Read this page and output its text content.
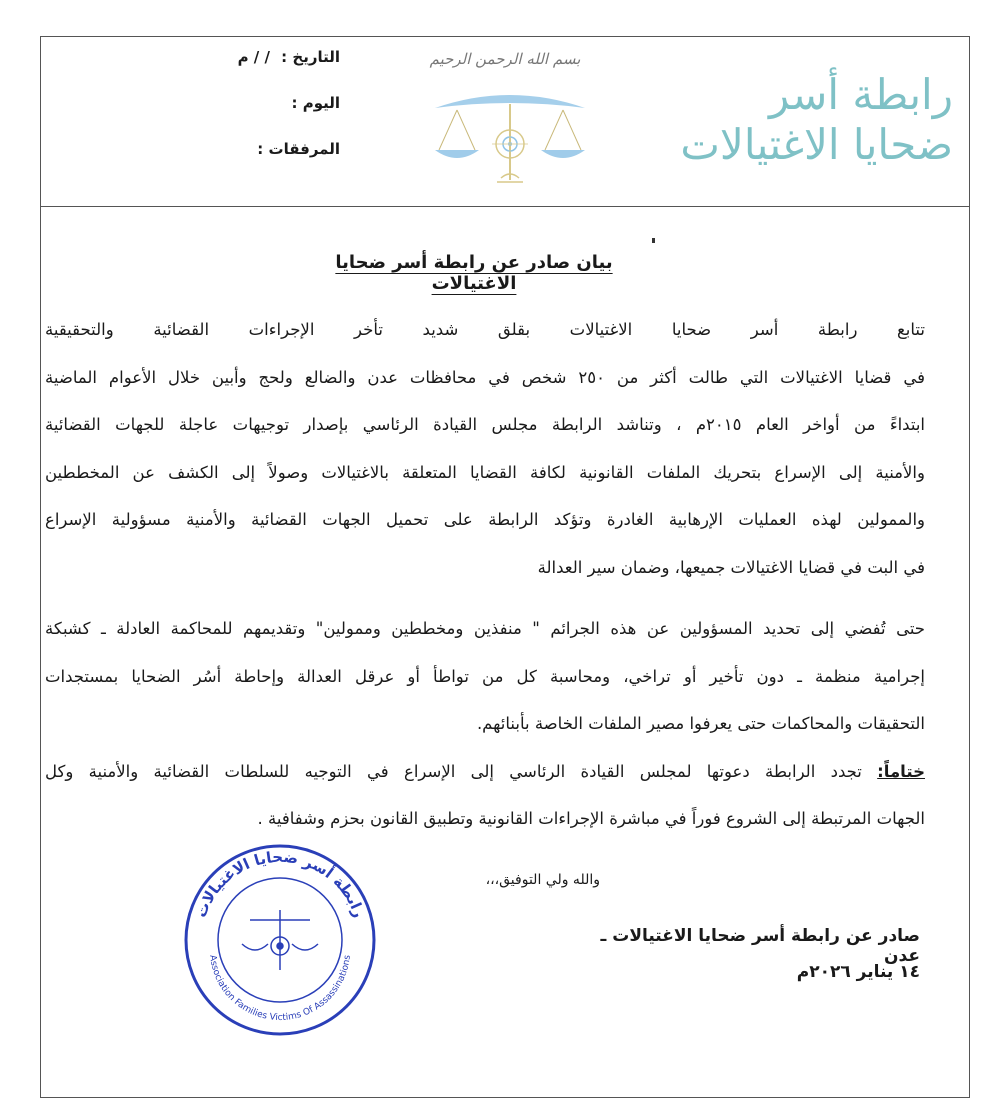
رابطة أسر
ضحايا الاغتيالات
بسم الله الرحمن الرحيم
التاريخ :
/ / م
اليوم :
المرفقات :
بيان صادر عن رابطة أسر ضحايا الاغتيالات
تتابع رابطة أسر ضحايا الاغتيالات بقلق شديد تأخر الإجراءات القضائية والتحقيقية
في قضايا الاغتيالات التي طالت أكثر من ٢٥٠ شخص في محافظات عدن والضالع ولحج وأبين خلال الأعوام الماضية
ابتداءً من أواخر العام ٢٠١٥م ، وتناشد الرابطة مجلس القيادة الرئاسي بإصدار توجيهات عاجلة للجهات القضائية
والأمنية إلى الإسراع بتحريك الملفات القانونية لكافة القضايا المتعلقة بالاغتيالات وصولاً إلى الكشف عن المخططين
والممولين لهذه العمليات الإرهابية الغادرة وتؤكد الرابطة على تحميل الجهات القضائية والأمنية مسؤولية الإسراع
في البت في قضايا الاغتيالات جميعها، وضمان سير العدالة
حتى تُفضي إلى تحديد المسؤولين عن هذه الجرائم " منفذين ومخططين وممولين" وتقديمهم للمحاكمة العادلة ـ كشبكة
إجرامية منظمة ـ دون تأخير أو تراخي، ومحاسبة كل من تواطأ أو عرقل العدالة وإحاطة أسُر الضحايا بمستجدات
التحقيقات والمحاكمات حتى يعرفوا مصير الملفات الخاصة بأبنائهم.
ختاماً: تجدد الرابطة دعوتها لمجلس القيادة الرئاسي إلى الإسراع في التوجيه للسلطات القضائية والأمنية وكل
الجهات المرتبطة إلى الشروع فوراً في مباشرة الإجراءات القانونية وتطبيق القانون بحزم وشفافية .
والله ولي التوفيق،،،
صادر عن رابطة أسر ضحايا الاغتيالات ـ عدن
١٤ يناير ٢٠٢٦م
رابطة أسر ضحايا الاغتيالات
Association Families Victims Of Assassinations
